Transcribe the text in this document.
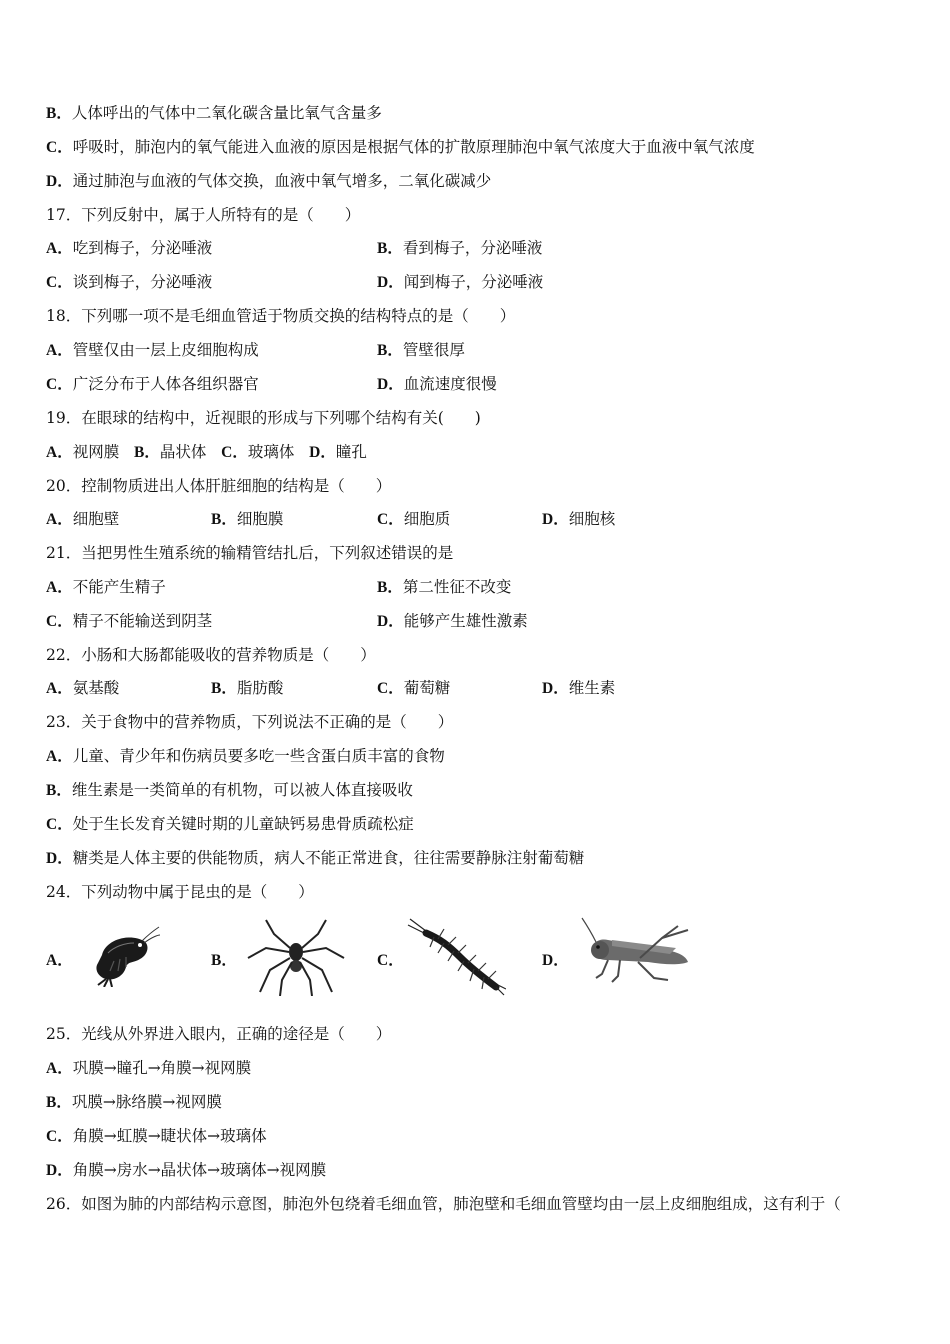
B．人体呼出的气体中二氧化碳含量比氧气含量多
C．呼吸时，肺泡内的氧气能进入血液的原因是根据气体的扩散原理肺泡中氧气浓度大于血液中氧气浓度
D．通过肺泡与血液的气体交换，血液中氧气增多，二氧化碳减少
17．下列反射中，属于人所特有的是（　　）
A．吃到梅子，分泌唾液	B．看到梅子，分泌唾液
C．谈到梅子，分泌唾液	D．闻到梅子，分泌唾液
18．下列哪一项不是毛细血管适于物质交换的结构特点的是（　　）
A．管壁仅由一层上皮细胞构成	B．管壁很厚
C．广泛分布于人体各组织器官	D．血流速度很慢
19．在眼球的结构中，近视眼的形成与下列哪个结构有关(　　)
A．视网膜 B．晶状体 C．玻璃体 D．瞳孔
20．控制物质进出人体肝脏细胞的结构是（　　）
A．细胞壁	B．细胞膜	C．细胞质	D．细胞核
21．当把男性生殖系统的输精管结扎后，下列叙述错误的是
A．不能产生精子	B．第二性征不改变
C．精子不能输送到阴茎	D．能够产生雄性激素
22．小肠和大肠都能吸收的营养物质是（　　）
A．氨基酸	B．脂肪酸	C．葡萄糖	D．维生素
23．关于食物中的营养物质，下列说法不正确的是（　　）
A．儿童、青少年和伤病员要多吃一些含蛋白质丰富的食物
B．维生素是一类简单的有机物，可以被人体直接吸收
C．处于生长发育关键时期的儿童缺钙易患骨质疏松症
D．糖类是人体主要的供能物质，病人不能正常进食，往往需要静脉注射葡萄糖
24．下列动物中属于昆虫的是（　　）
A．	B．	C．	D．
25．光线从外界进入眼内，正确的途径是（　　）
A．巩膜→瞳孔→角膜→视网膜
B．巩膜→脉络膜→视网膜
C．角膜→虹膜→睫状体→玻璃体
D．角膜→房水→晶状体→玻璃体→视网膜
26．如图为肺的内部结构示意图，肺泡外包绕着毛细血管，肺泡壁和毛细血管壁均由一层上皮细胞组成，这有利于（
